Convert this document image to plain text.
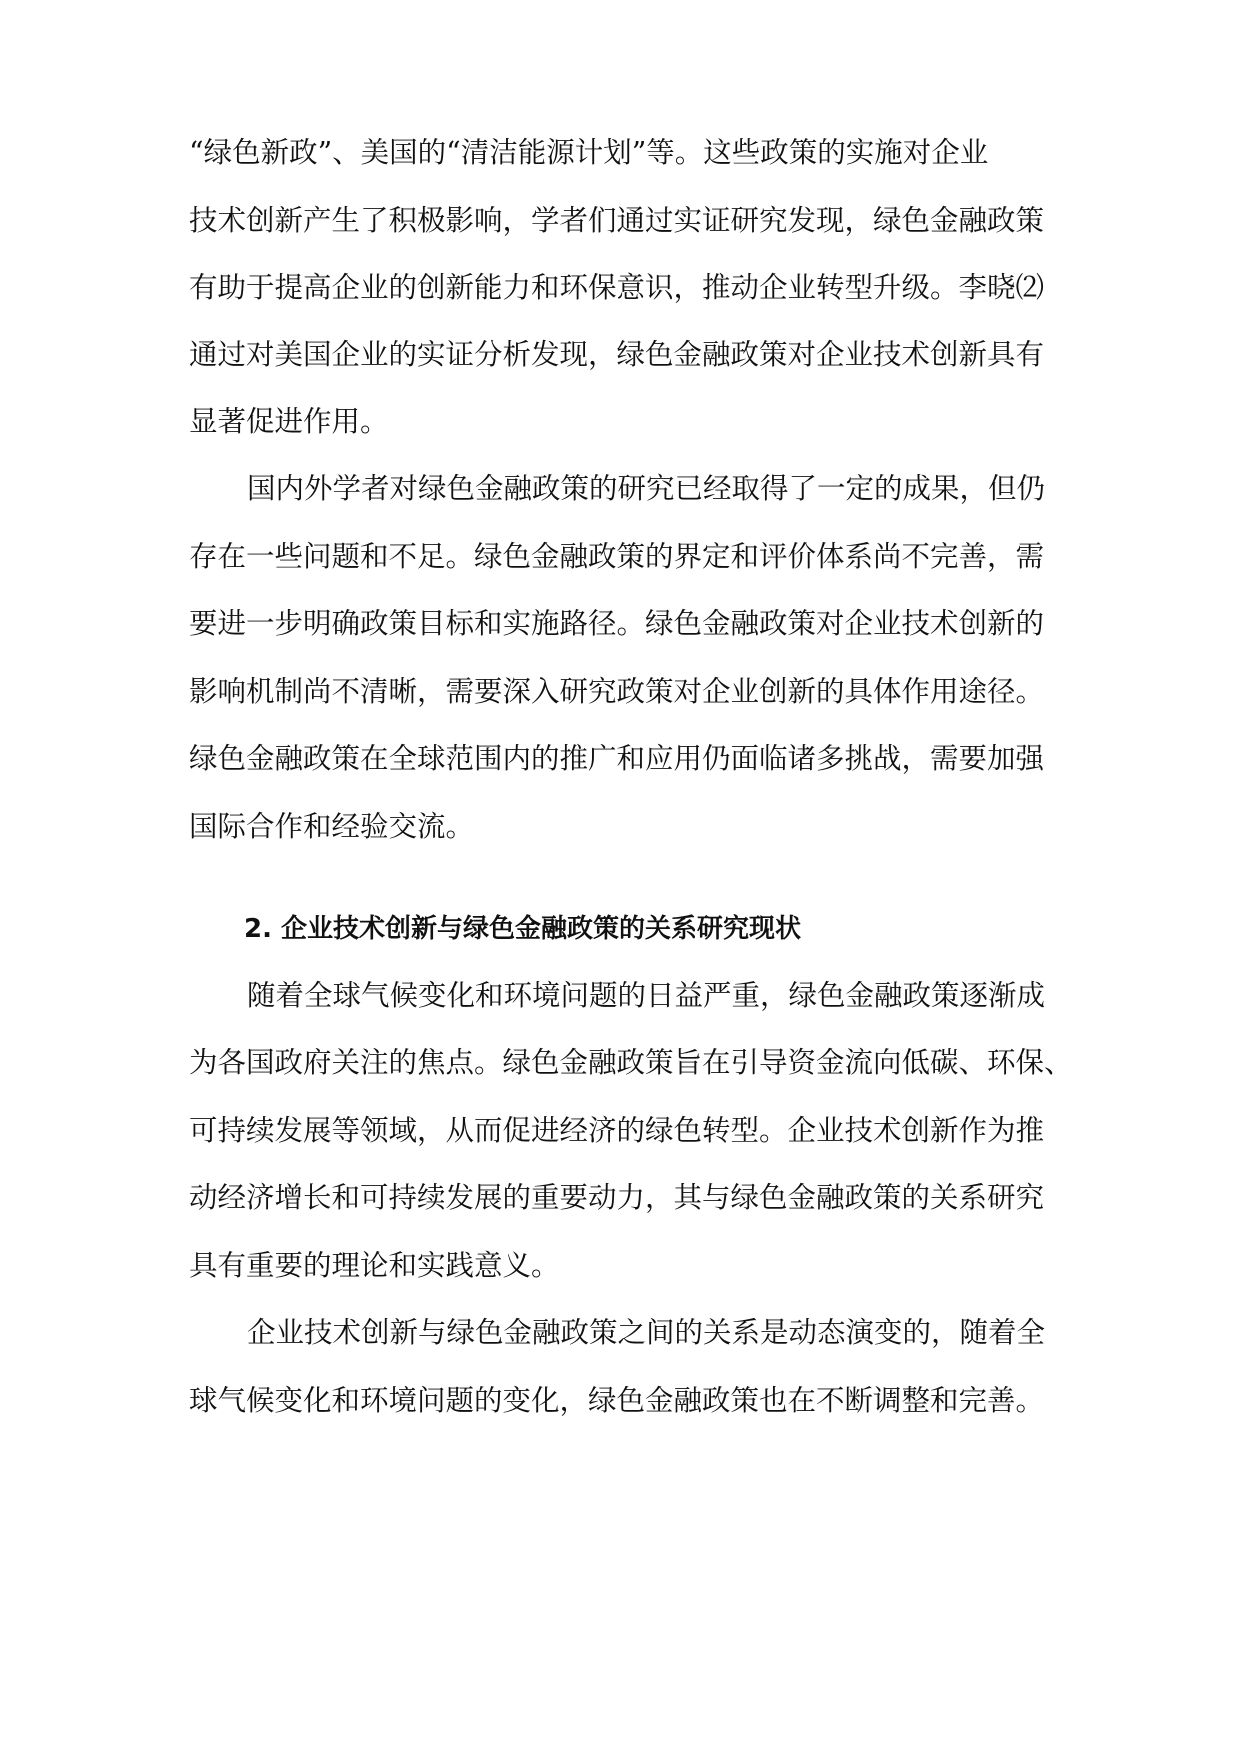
“绿色新政”、美国的“清洁能源计划”等。这些政策的实施对企业
技术创新产生了积极影响，学者们通过实证研究发现，绿色金融政策
有助于提高企业的创新能力和环保意识，推动企业转型升级。李晓⑵
通过对美国企业的实证分析发现，绿色金融政策对企业技术创新具有
显著促进作用。
国内外学者对绿色金融政策的研究已经取得了一定的成果，但仍
存在一些问题和不足。绿色金融政策的界定和评价体系尚不完善，需
要进一步明确政策目标和实施路径。绿色金融政策对企业技术创新的
影响机制尚不清晰，需要深入研究政策对企业创新的具体作用途径。
绿色金融政策在全球范围内的推广和应用仍面临诸多挑战，需要加强
国际合作和经验交流。
2. 企业技术创新与绿色金融政策的关系研究现状
随着全球气候变化和环境问题的日益严重，绿色金融政策逐渐成
为各国政府关注的焦点。绿色金融政策旨在引导资金流向低碳、环保、
可持续发展等领域，从而促进经济的绿色转型。企业技术创新作为推
动经济增长和可持续发展的重要动力，其与绿色金融政策的关系研究
具有重要的理论和实践意义。
企业技术创新与绿色金融政策之间的关系是动态演变的，随着全
球气候变化和环境问题的变化，绿色金融政策也在不断调整和完善。
